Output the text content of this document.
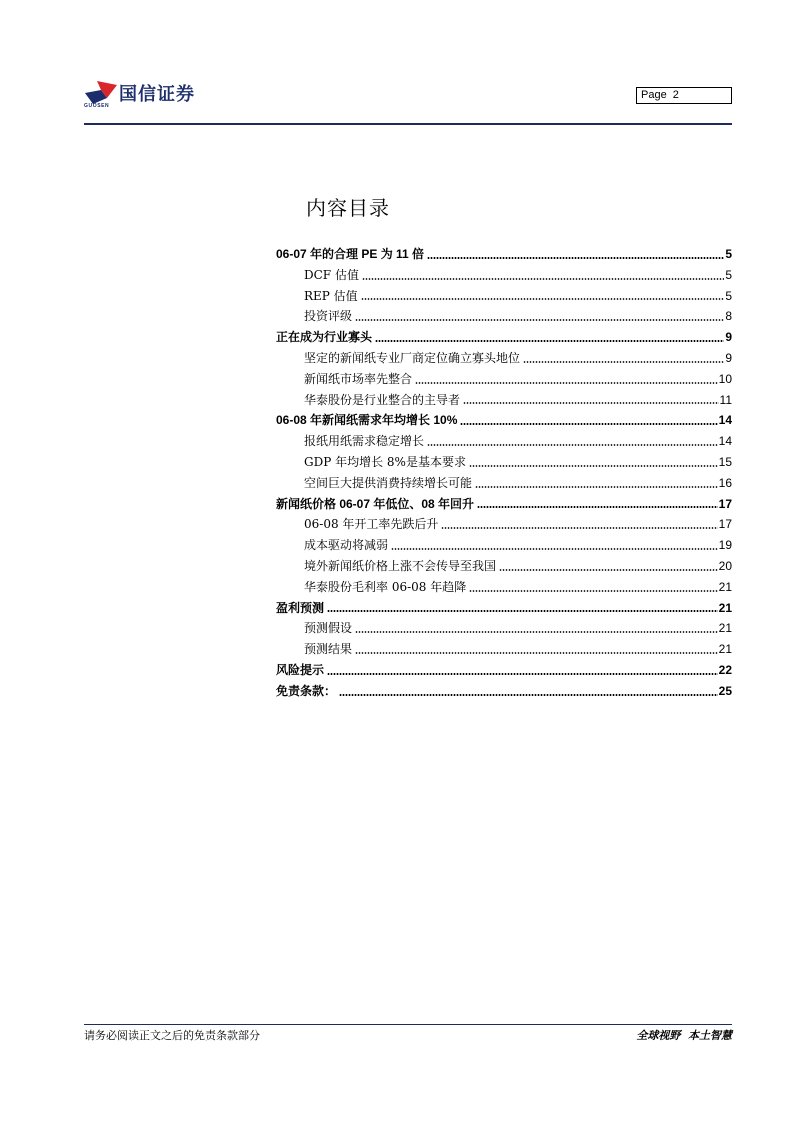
GUOSEN
国信证券	Page 2
内容目录
06-07 年的合理 PE 为 11 倍	5
DCF 估值	5
REP 估值	5
投资评级	8
正在成为行业寡头	9
坚定的新闻纸专业厂商定位确立寡头地位	9
新闻纸市场率先整合	10
华泰股份是行业整合的主导者	11
06-08 年新闻纸需求年均增长 10%	14
报纸用纸需求稳定增长	14
GDP 年均增长 8%是基本要求	15
空间巨大提供消费持续增长可能	16
新闻纸价格 06-07 年低位、08 年回升	17
06-08 年开工率先跌后升	17
成本驱动将减弱	19
境外新闻纸价格上涨不会传导至我国	20
华泰股份毛利率 06-08 年趋降	21
盈利预测	21
预测假设	21
预测结果	21
风险提示	22
免责条款：	25
请务必阅读正文之后的免责条款部分	全球视野  本土智慧
